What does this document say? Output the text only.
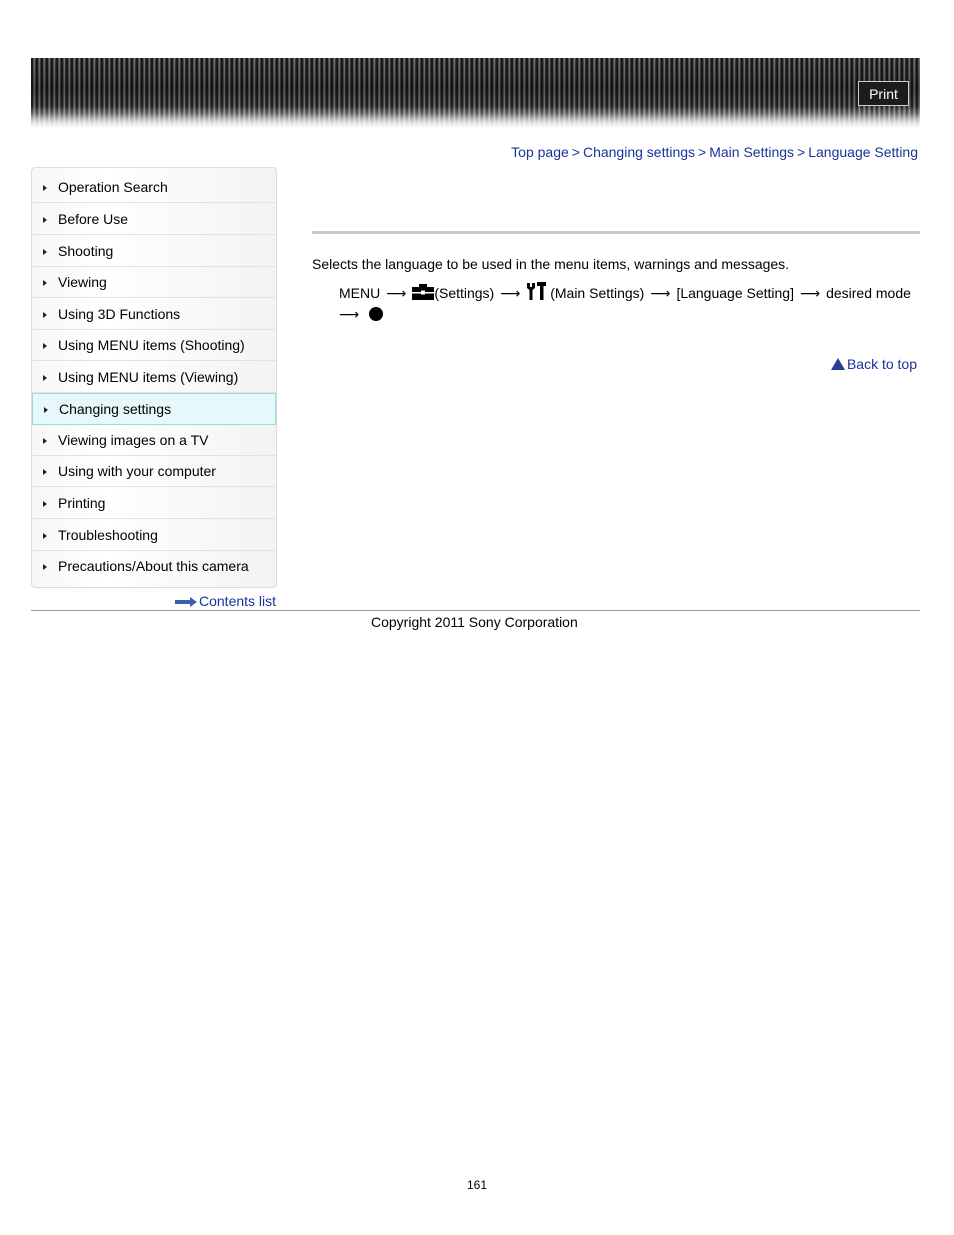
Print
Top page > Changing settings > Main Settings > Language Setting
Operation Search
Before Use
Shooting
Viewing
Using 3D Functions
Using MENU items (Shooting)
Using MENU items (Viewing)
Changing settings
Viewing images on a TV
Using with your computer
Printing
Troubleshooting
Precautions/About this camera
Contents list
Selects the language to be used in the menu items, warnings and messages.
MENU ⟶ (Settings) ⟶ (Main Settings) ⟶ [Language Setting] ⟶ desired mode
⟶
Back to top
Copyright 2011 Sony Corporation
161
